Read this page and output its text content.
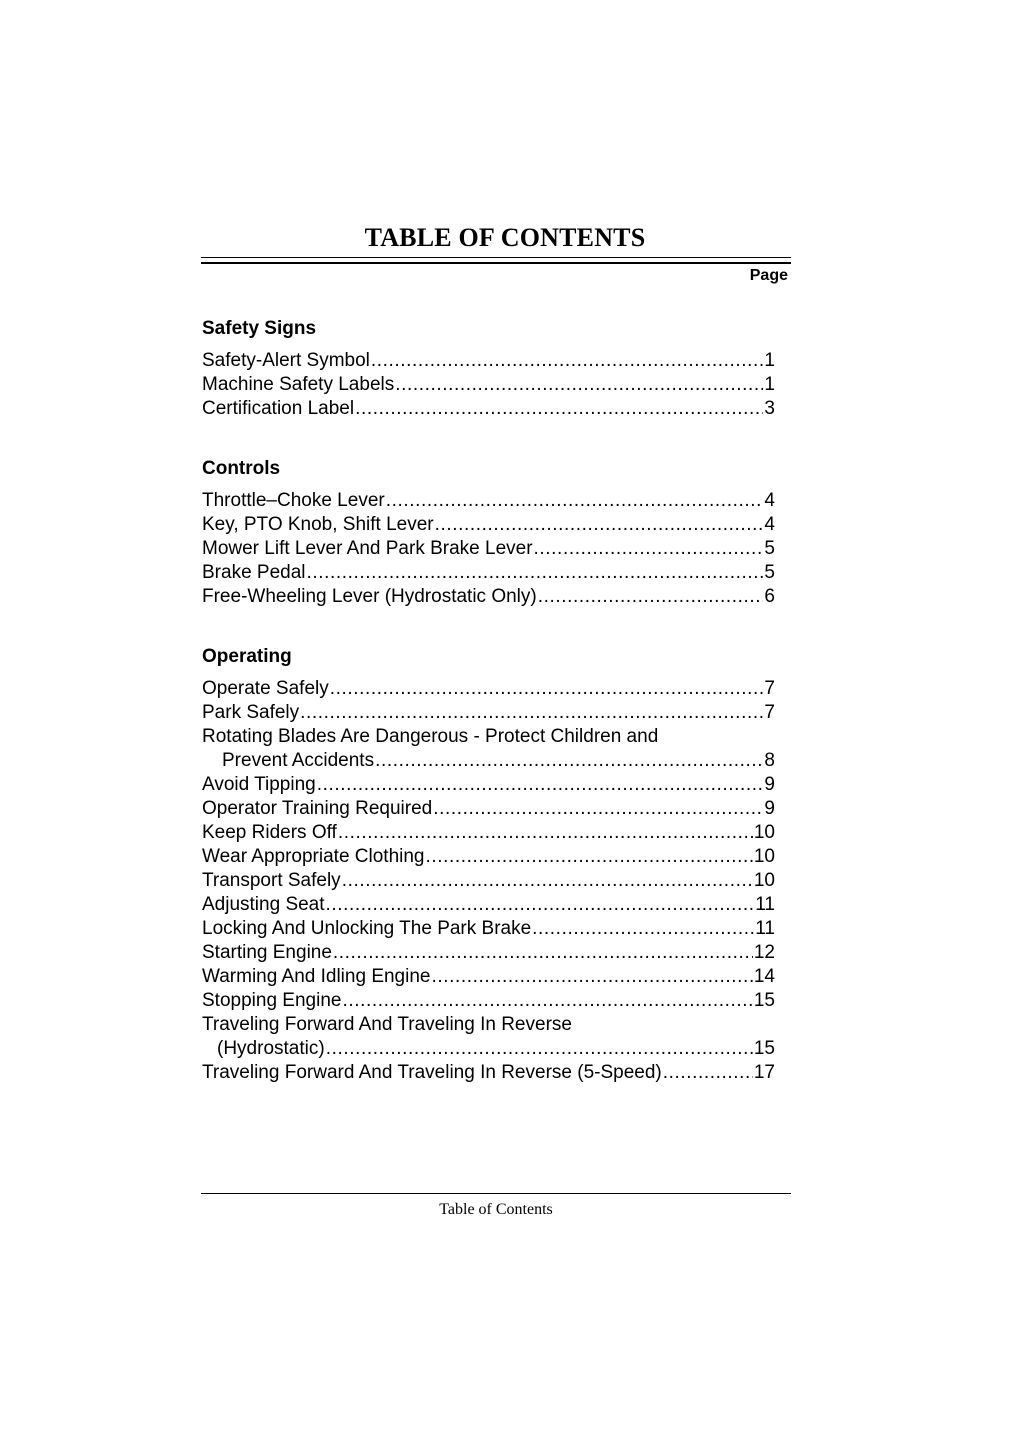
TABLE OF CONTENTS
Page
Safety Signs
Safety-Alert Symbol .....	1
Machine Safety Labels .....	1
Certification Label .....	3
Controls
Throttle–Choke Lever .....	4
Key, PTO Knob, Shift Lever .....	4
Mower Lift Lever And Park Brake Lever .....	5
Brake Pedal .....	5
Free-Wheeling Lever (Hydrostatic Only) .....	6
Operating
Operate Safely .....	7
Park Safely .....	7
Rotating Blades Are Dangerous - Protect Children and
Prevent Accidents .....	8
Avoid Tipping .....	9
Operator Training Required .....	9
Keep Riders Off .....	10
Wear Appropriate Clothing .....	10
Transport Safely .....	10
Adjusting Seat .....	11
Locking And Unlocking The Park Brake .....	11
Starting Engine .....	12
Warming And Idling Engine .....	14
Stopping Engine .....	15
Traveling Forward And Traveling In Reverse
(Hydrostatic) .....	15
Traveling Forward And Traveling In Reverse (5-Speed) .....	17
Table of Contents
